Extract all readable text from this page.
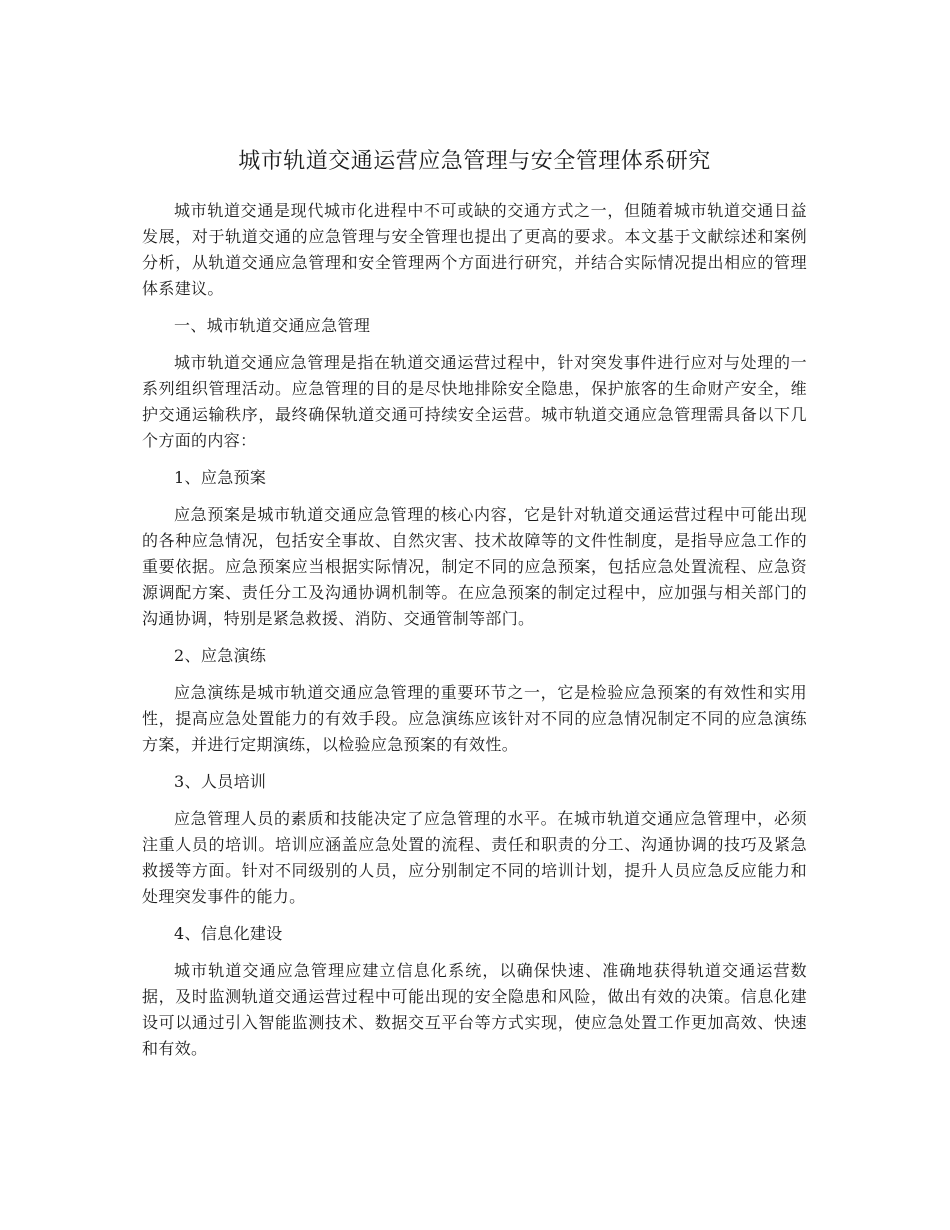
城市轨道交通运营应急管理与安全管理体系研究

城市轨道交通是现代城市化进程中不可或缺的交通方式之一，但随着城市轨道交通日益发展，对于轨道交通的应急管理与安全管理也提出了更高的要求。本文基于文献综述和案例分析，从轨道交通应急管理和安全管理两个方面进行研究，并结合实际情况提出相应的管理体系建议。

一、城市轨道交通应急管理

城市轨道交通应急管理是指在轨道交通运营过程中，针对突发事件进行应对与处理的一系列组织管理活动。应急管理的目的是尽快地排除安全隐患，保护旅客的生命财产安全，维护交通运输秩序，最终确保轨道交通可持续安全运营。城市轨道交通应急管理需具备以下几个方面的内容：

1、应急预案

应急预案是城市轨道交通应急管理的核心内容，它是针对轨道交通运营过程中可能出现的各种应急情况，包括安全事故、自然灾害、技术故障等的文件性制度，是指导应急工作的重要依据。应急预案应当根据实际情况，制定不同的应急预案，包括应急处置流程、应急资源调配方案、责任分工及沟通协调机制等。在应急预案的制定过程中，应加强与相关部门的沟通协调，特别是紧急救援、消防、交通管制等部门。

2、应急演练

应急演练是城市轨道交通应急管理的重要环节之一，它是检验应急预案的有效性和实用性，提高应急处置能力的有效手段。应急演练应该针对不同的应急情况制定不同的应急演练方案，并进行定期演练，以检验应急预案的有效性。

3、人员培训

应急管理人员的素质和技能决定了应急管理的水平。在城市轨道交通应急管理中，必须注重人员的培训。培训应涵盖应急处置的流程、责任和职责的分工、沟通协调的技巧及紧急救援等方面。针对不同级别的人员，应分别制定不同的培训计划，提升人员应急反应能力和处理突发事件的能力。

4、信息化建设

城市轨道交通应急管理应建立信息化系统，以确保快速、准确地获得轨道交通运营数据，及时监测轨道交通运营过程中可能出现的安全隐患和风险，做出有效的决策。信息化建设可以通过引入智能监测技术、数据交互平台等方式实现，使应急处置工作更加高效、快速和有效。
